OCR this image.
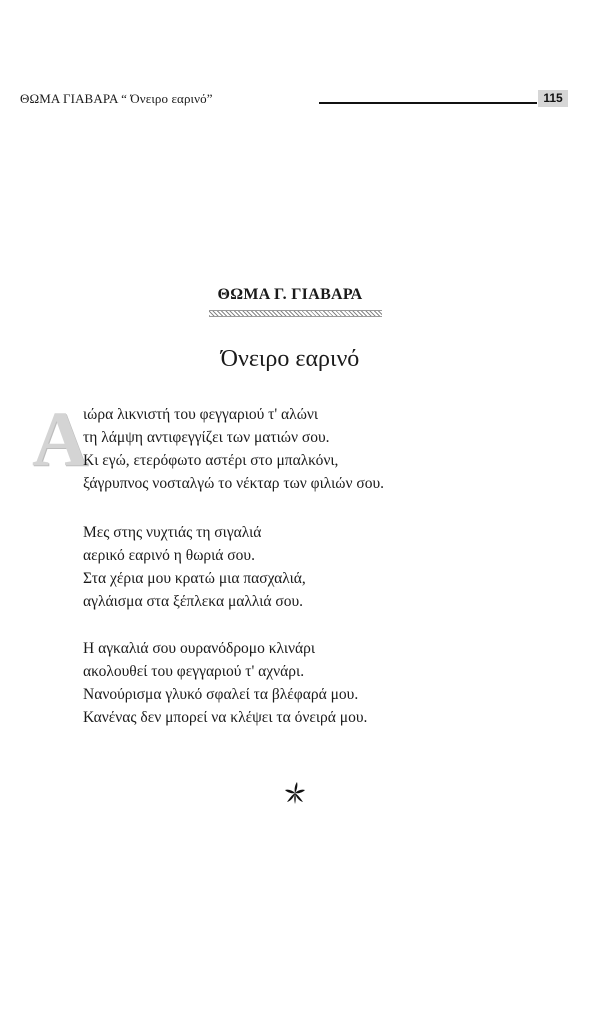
ΘΩΜΑ ΓΙΑΒΑΡΑ “ Όνειρο εαρινό”	115
ΘΩΜΑ Γ. ΓΙΑΒΑΡΑ
Όνειρο εαρινό
Α
ιώρα λικνιστή του φεγγαριού τ' αλώνι
τη λάμψη αντιφεγγίζει των ματιών σου.
Κι εγώ, ετερόφωτο αστέρι στο μπαλκόνι,
ξάγρυπνος νοσταλγώ το νέκταρ των φιλιών σου.
Μες στης νυχτιάς τη σιγαλιά
αερικό εαρινό η θωριά σου.
Στα χέρια μου κρατώ μια πασχαλιά,
αγλάισμα στα ξέπλεκα μαλλιά σου.
Η αγκαλιά σου ουρανόδρομο κλινάρι
ακολουθεί του φεγγαριού τ' αχνάρι.
Νανούρισμα γλυκό σφαλεί τα βλέφαρά μου.
Κανένας δεν μπορεί να κλέψει τα όνειρά μου.
